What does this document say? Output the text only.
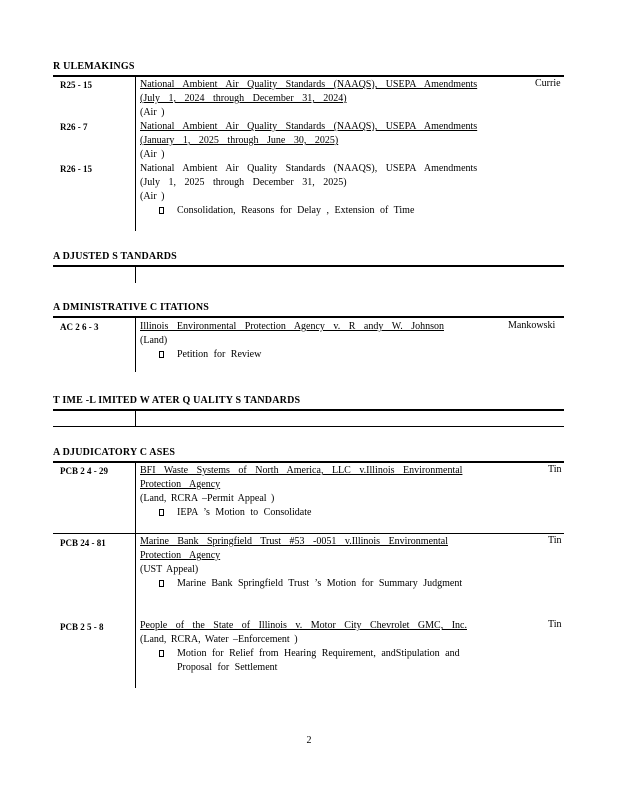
R ULEMAKINGS
R25 - 15	National Ambient Air Quality Standards (NAAQS), USEPA Amendments (July 1, 2024 through December 31, 2024)
(Air )
Currie
R26 - 7	National Ambient Air Quality Standards (NAAQS), USEPA Amendments (January 1, 2025 through June 30, 2025)
(Air )
R26 - 15	National Ambient Air Quality Standards (NAAQS), USEPA Amendments (July 1, 2025 through December 31, 2025)
(Air )
Consolidation, Reasons for Delay , Extension of Time
A DJUSTED S TANDARDS
A DMINISTRATIVE C ITATIONS
AC 2 6 - 3	Illinois Environmental Protection Agency v. R andy W. Johnson
(Land)
Petition for Review
Mankowski
T IME -L IMITED W ATER Q UALITY S TANDARDS
A DJUDICATORY C ASES
PCB 2 4 - 29	BFI Waste Systems of North America, LLC v.Illinois Environmental Protection Agency
(Land, RCRA –Permit Appeal )
IEPA ’s Motion to Consolidate
Tin
PCB 24 - 81	Marine Bank Springfield Trust #53 -0051 v.Illinois Environmental Protection Agency
(UST Appeal)
Marine Bank Springfield Trust ’s Motion for Summary Judgment
Tin
PCB 2 5 - 8	People of the State of Illinois v. Motor City Chevrolet GMC, Inc.
(Land, RCRA, Water –Enforcement )
Motion for Relief from Hearing Requirement, andStipulation and Proposal for Settlement
Tin
2
